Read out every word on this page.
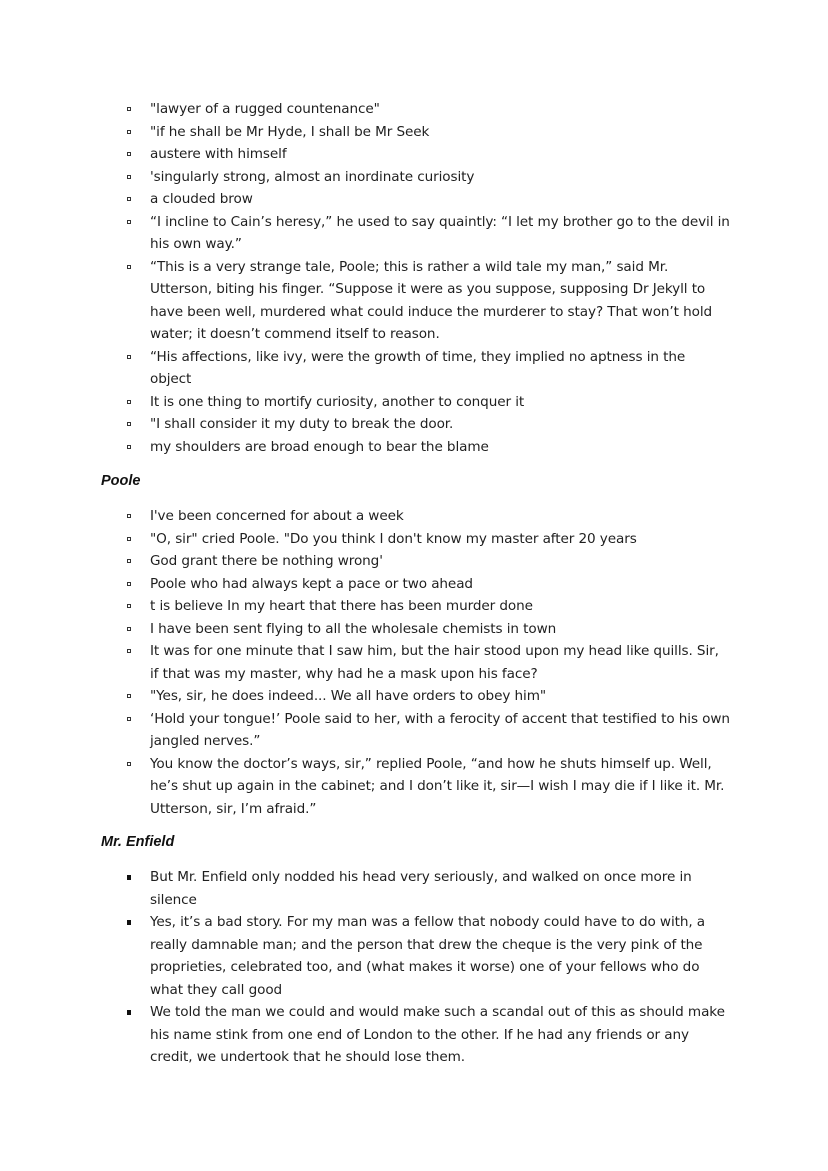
"lawyer of a rugged countenance"
"if he shall be Mr Hyde, I shall be Mr Seek
austere with himself
'singularly strong, almost an inordinate curiosity
a clouded brow
“I incline to Cain’s heresy,” he used to say quaintly: “I let my brother go to the devil in his own way.”
“This is a very strange tale, Poole; this is rather a wild tale my man,” said Mr. Utterson, biting his finger. “Suppose it were as you suppose, supposing Dr Jekyll to have been well, murdered what could induce the murderer to stay? That won’t hold water; it doesn’t commend itself to reason.
“His affections, like ivy, were the growth of time, they implied no aptness in the object
It is one thing to mortify curiosity, another to conquer it
"I shall consider it my duty to break the door.
my shoulders are broad enough to bear the blame
Poole
I've been concerned for about a week
"O, sir" cried Poole. "Do you think I don't know my master after 20 years
God grant there be nothing wrong'
Poole who had always kept a pace or two ahead
t is believe In my heart that there has been murder done
I have been sent flying to all the wholesale chemists in town
It was for one minute that I saw him, but the hair stood upon my head like quills. Sir, if that was my master, why had he a mask upon his face?
"Yes, sir, he does indeed... We all have orders to obey him"
‘Hold your tongue!’ Poole said to her, with a ferocity of accent that testified to his own jangled nerves.”
You know the doctor’s ways, sir,” replied Poole, “and how he shuts himself up. Well, he’s shut up again in the cabinet; and I don’t like it, sir—I wish I may die if I like it. Mr. Utterson, sir, I’m afraid.”
Mr. Enfield
But Mr. Enfield only nodded his head very seriously, and walked on once more in silence
Yes, it’s a bad story. For my man was a fellow that nobody could have to do with, a really damnable man; and the person that drew the cheque is the very pink of the proprieties, celebrated too, and (what makes it worse) one of your fellows who do what they call good
We told the man we could and would make such a scandal out of this as should make his name stink from one end of London to the other. If he had any friends or any credit, we undertook that he should lose them.
